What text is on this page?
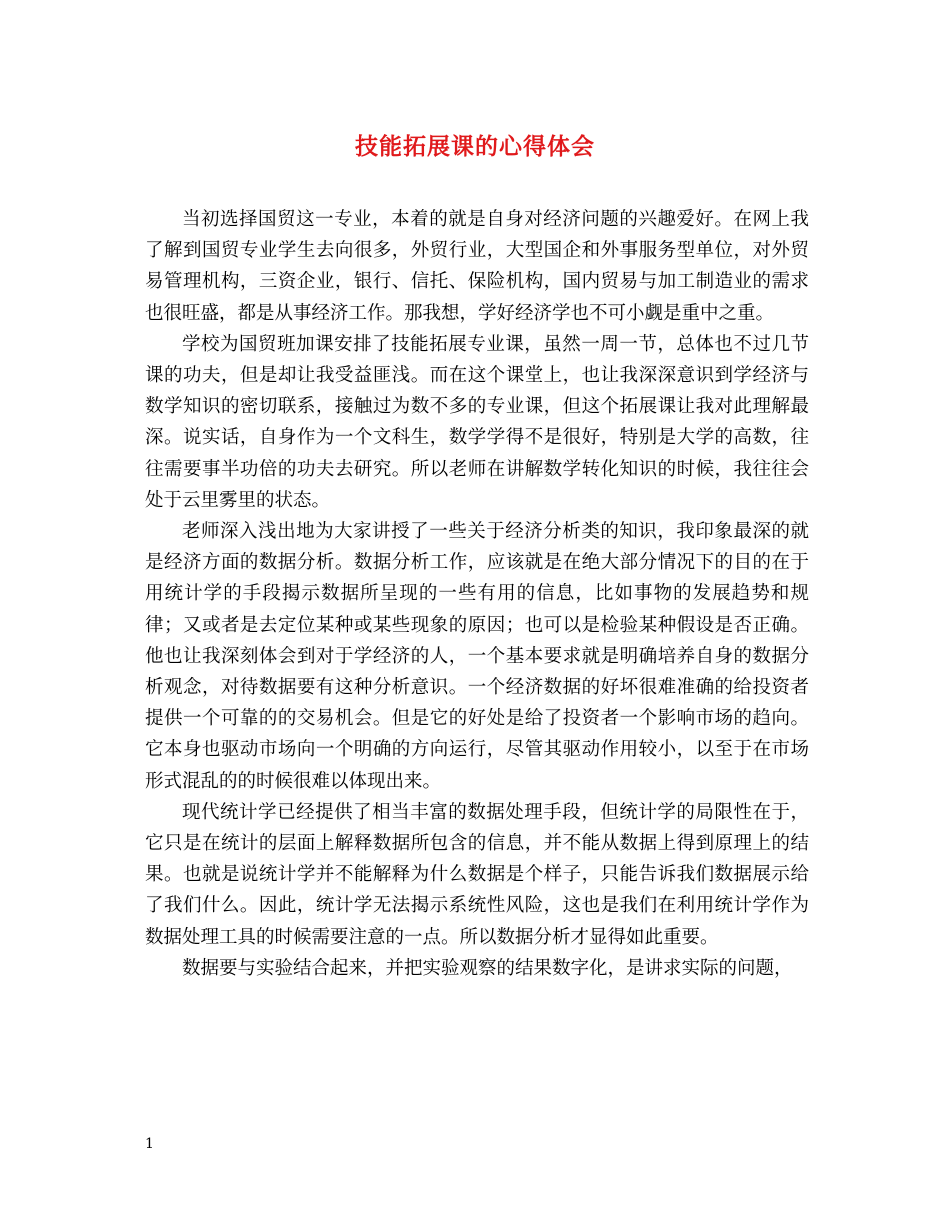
技能拓展课的心得体会

当初选择国贸这一专业，本着的就是自身对经济问题的兴趣爱好。在网上我了解到国贸专业学生去向很多，外贸行业，大型国企和外事服务型单位，对外贸易管理机构，三资企业，银行、信托、保险机构，国内贸易与加工制造业的需求也很旺盛，都是从事经济工作。那我想，学好经济学也不可小觑是重中之重。

学校为国贸班加课安排了技能拓展专业课，虽然一周一节，总体也不过几节课的功夫，但是却让我受益匪浅。而在这个课堂上，也让我深深意识到学经济与数学知识的密切联系，接触过为数不多的专业课，但这个拓展课让我对此理解最深。说实话，自身作为一个文科生，数学学得不是很好，特别是大学的高数，往往需要事半功倍的功夫去研究。所以老师在讲解数学转化知识的时候，我往往会处于云里雾里的状态。

老师深入浅出地为大家讲授了一些关于经济分析类的知识，我印象最深的就是经济方面的数据分析。数据分析工作，应该就是在绝大部分情况下的目的在于用统计学的手段揭示数据所呈现的一些有用的信息，比如事物的发展趋势和规律；又或者是去定位某种或某些现象的原因；也可以是检验某种假设是否正确。他也让我深刻体会到对于学经济的人，一个基本要求就是明确培养自身的数据分析观念，对待数据要有这种分析意识。一个经济数据的好坏很难准确的给投资者提供一个可靠的的交易机会。但是它的好处是给了投资者一个影响市场的趋向。它本身也驱动市场向一个明确的方向运行，尽管其驱动作用较小，以至于在市场形式混乱的的时候很难以体现出来。

现代统计学已经提供了相当丰富的数据处理手段，但统计学的局限性在于，它只是在统计的层面上解释数据所包含的信息，并不能从数据上得到原理上的结果。也就是说统计学并不能解释为什么数据是个样子，只能告诉我们数据展示给了我们什么。因此，统计学无法揭示系统性风险，这也是我们在利用统计学作为数据处理工具的时候需要注意的一点。所以数据分析才显得如此重要。

数据要与实验结合起来，并把实验观察的结果数字化，是讲求实际的问题，

1
